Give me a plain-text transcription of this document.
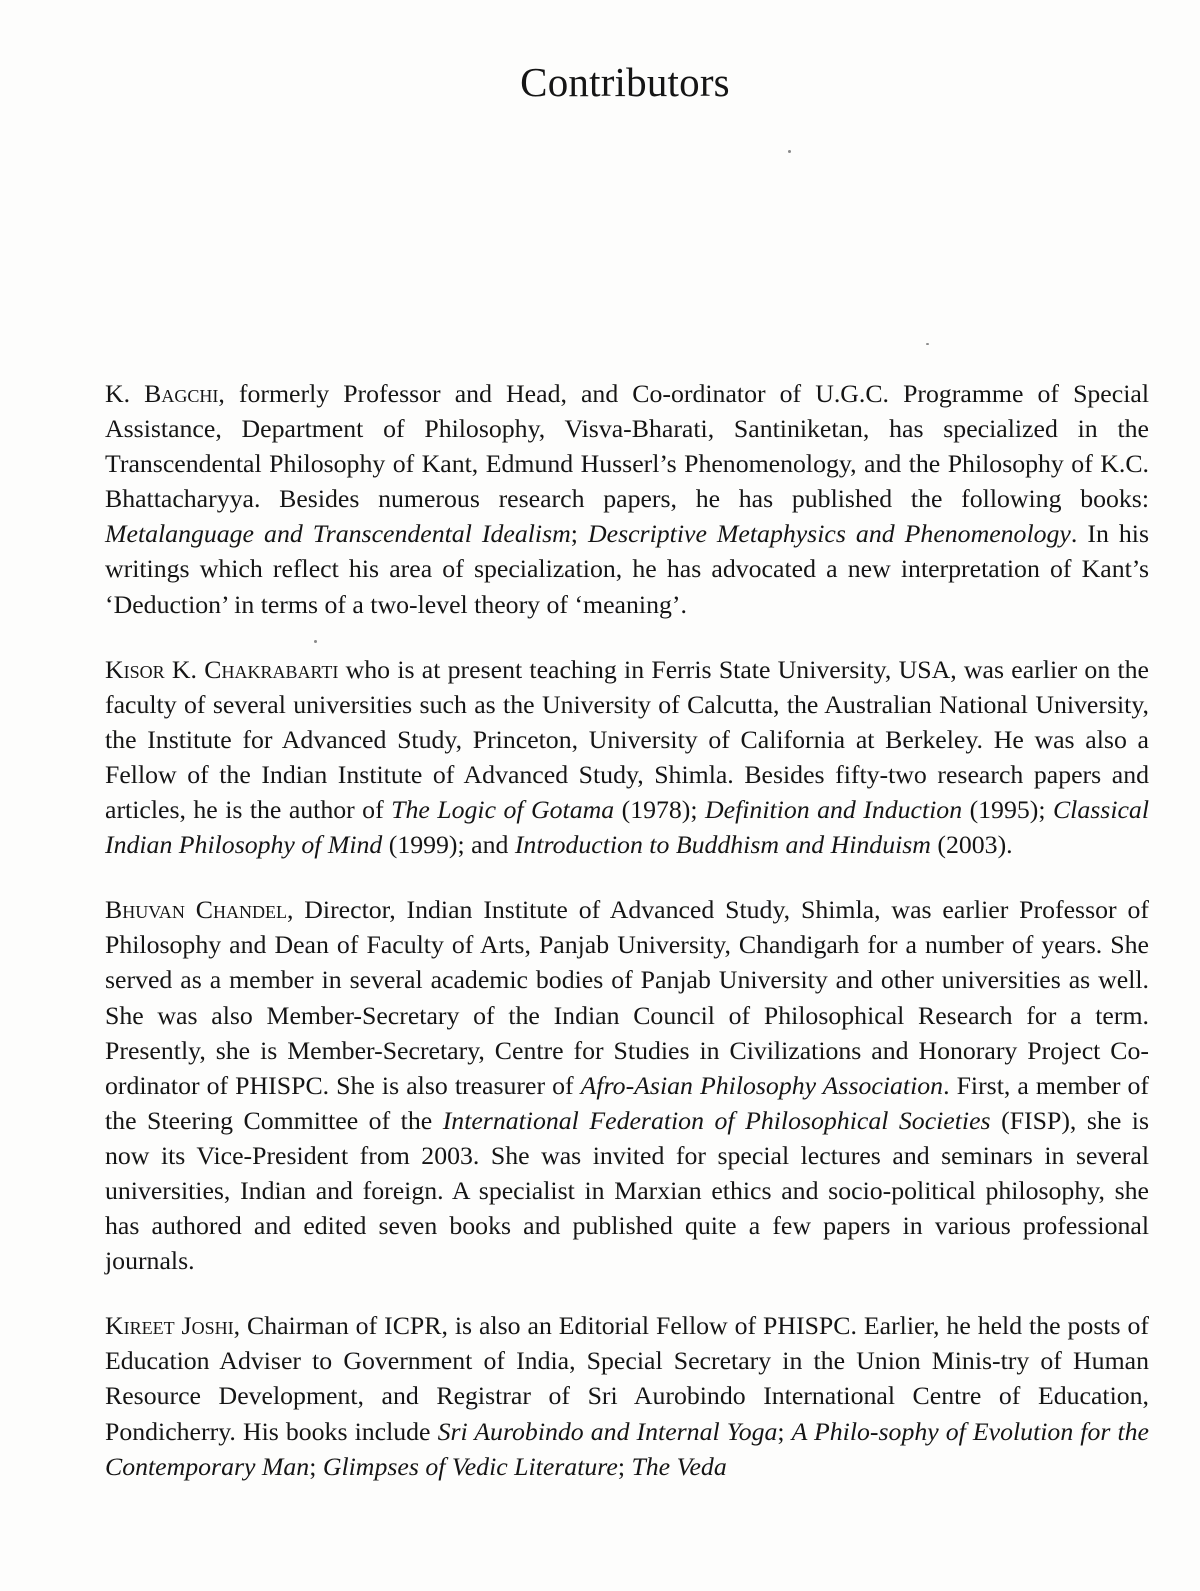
Contributors

K. Bagchi, formerly Professor and Head, and Co-ordinator of U.G.C. Programme of Special Assistance, Department of Philosophy, Visva-Bharati, Santiniketan, has specialized in the Transcendental Philosophy of Kant, Edmund Husserl’s Phenomenology, and the Philosophy of K.C. Bhattacharyya. Besides numerous research papers, he has published the following books: Metalanguage and Transcendental Idealism; Descriptive Metaphysics and Phenomenology. In his writings which reflect his area of specialization, he has advocated a new interpretation of Kant’s ‘Deduction’ in terms of a two-level theory of ‘meaning’.

Kisor K. Chakrabarti who is at present teaching in Ferris State University, USA, was earlier on the faculty of several universities such as the University of Calcutta, the Australian National University, the Institute for Advanced Study, Princeton, University of California at Berkeley. He was also a Fellow of the Indian Institute of Advanced Study, Shimla. Besides fifty-two research papers and articles, he is the author of The Logic of Gotama (1978); Definition and Induction (1995); Classical Indian Philosophy of Mind (1999); and Introduction to Buddhism and Hinduism (2003).

Bhuvan Chandel, Director, Indian Institute of Advanced Study, Shimla, was earlier Professor of Philosophy and Dean of Faculty of Arts, Panjab University, Chandigarh for a number of years. She served as a member in several academic bodies of Panjab University and other universities as well. She was also Member-Secretary of the Indian Council of Philosophical Research for a term. Presently, she is Member-Secretary, Centre for Studies in Civilizations and Honorary Project Co-ordinator of PHISPC. She is also treasurer of Afro-Asian Philosophy Association. First, a member of the Steering Committee of the International Federation of Philosophical Societies (FISP), she is now its Vice-President from 2003. She was invited for special lectures and seminars in several universities, Indian and foreign. A specialist in Marxian ethics and socio-political philosophy, she has authored and edited seven books and published quite a few papers in various professional journals.

Kireet Joshi, Chairman of ICPR, is also an Editorial Fellow of PHISPC. Earlier, he held the posts of Education Adviser to Government of India, Special Secretary in the Union Minis-try of Human Resource Development, and Registrar of Sri Aurobindo International Centre of Education, Pondicherry. His books include Sri Aurobindo and Internal Yoga; A Philo-sophy of Evolution for the Contemporary Man; Glimpses of Vedic Literature; The Veda
